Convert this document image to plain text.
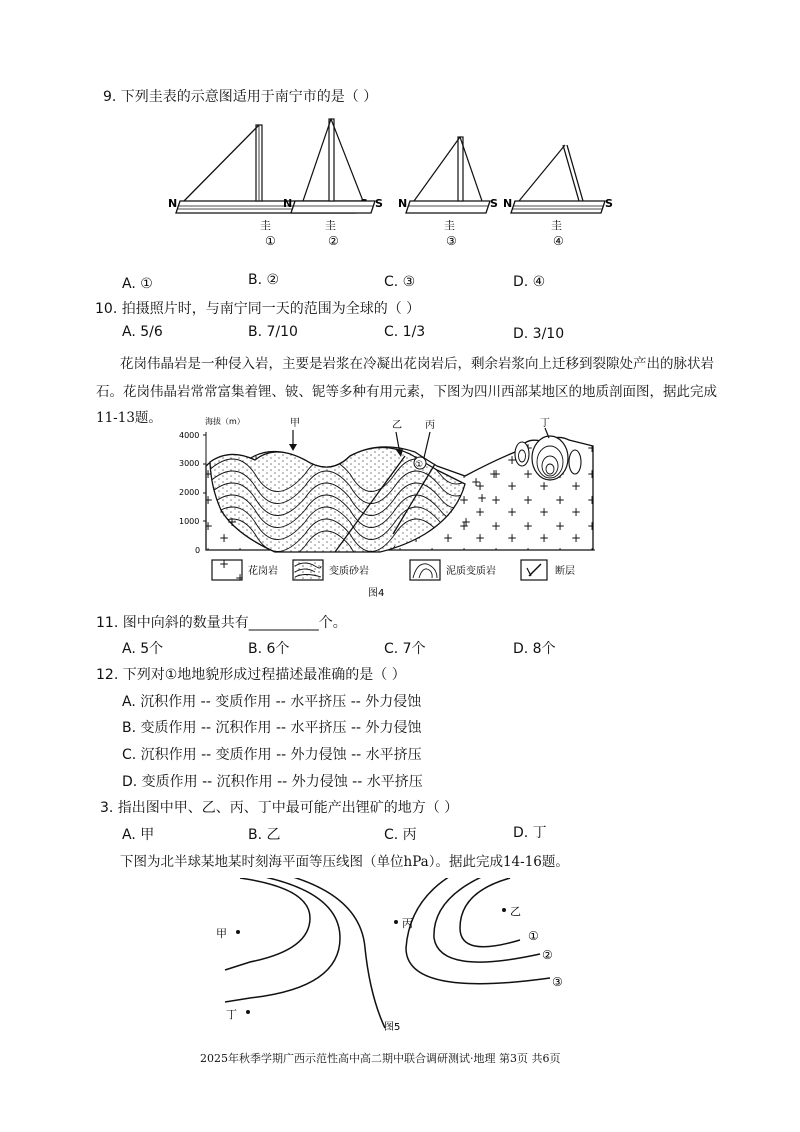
9. 下列圭表的示意图适用于南宁市的是（ ）
N
圭
①
N	S
圭
②
N	S
圭
③
N	S
圭
④
A. ①	B. ②	C. ③	D. ④
10. 拍摄照片时，与南宁同一天的范围为全球的（ ）
A. 5/6	B. 7/10	C. 1/3	D. 3/10
花岗伟晶岩是一种侵入岩，主要是岩浆在冷凝出花岗岩后，剩余岩浆向上迁移到裂隙处产出的脉状岩
石。花岗伟晶岩常常富集着锂、铍、铌等多种有用元素，下图为四川西部某地区的地质剖面图，据此完成
11-13题。	海拔（m）
4000
3000
2000
1000
0
+
+
+
+
+
甲	乙 丙
①
丁
花岗岩	变质砂岩	泥质变质岩	断层
图4
11. 图中向斜的数量共有__________个。
A. 5个	B. 6个	C. 7个	D. 8个
12. 下列对①地地貌形成过程描述最准确的是（ ）
A. 沉积作用 -- 变质作用 -- 水平挤压 -- 外力侵蚀
B. 变质作用 -- 沉积作用 -- 水平挤压 -- 外力侵蚀
C. 沉积作用 -- 变质作用 -- 外力侵蚀 -- 水平挤压
D. 变质作用 -- 沉积作用 -- 外力侵蚀 -- 水平挤压
3. 指出图中甲、乙、丙、丁中最可能产出锂矿的地方（ ）
A. 甲	B. 乙	C. 丙	D. 丁
下图为北半球某地某时刻海平面等压线图（单位hPa）。据此完成14-16题。
甲
丙
乙
丁
①
②
③
图5
2025年秋季学期广西示范性高中高二期中联合调研测试·地理 第3页 共6页
